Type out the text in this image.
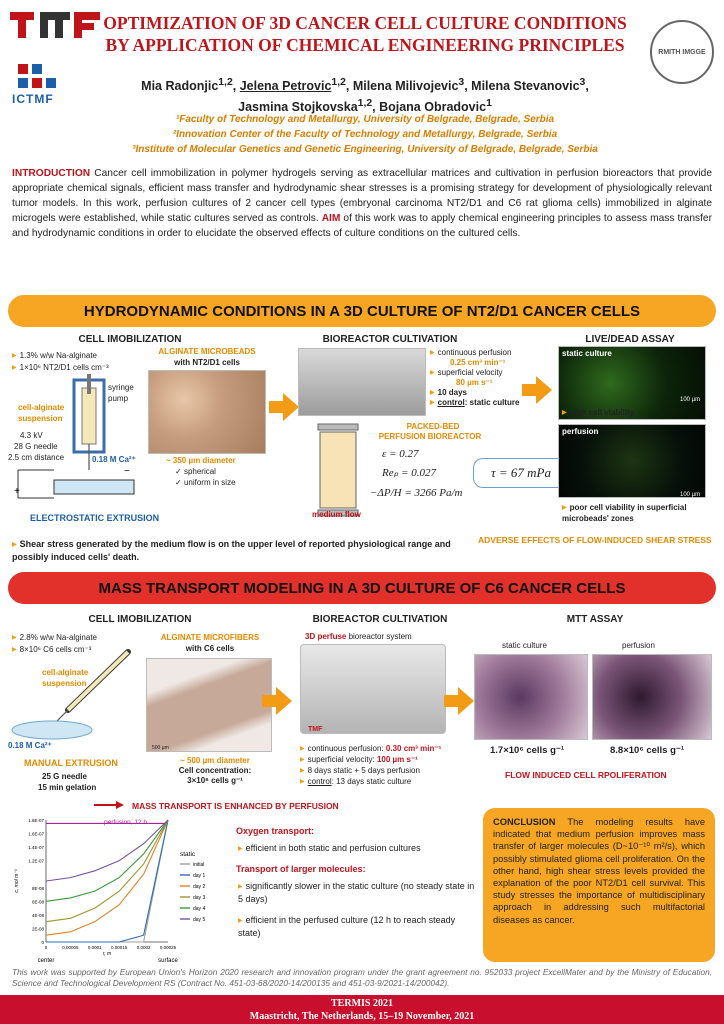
ICTMF
RMITH IMGGE
OPTIMIZATION OF 3D CANCER CELL CULTURE CONDITIONS
BY APPLICATION OF CHEMICAL ENGINEERING PRINCIPLES
Mia Radonjic$^{1,2}$, Jelena Petrovic$^{1,2}$, Milena Milivojevic$^3$, Milena Stevanovic$^3$,
Jasmina Stojkovska$^{1,2}$, Bojana Obradovic$^1$
¹Faculty of Technology and Metallurgy, University of Belgrade, Belgrade, Serbia
²Innovation Center of the Faculty of Technology and Metallurgy, Belgrade, Serbia
³Institute of Molecular Genetics and Genetic Engineering, University of Belgrade, Belgrade, Serbia
INTRODUCTION Cancer cell immobilization in polymer hydrogels serving as extracellular matrices and cultivation in perfusion bioreactors that provide appropriate chemical signals, efficient mass transfer and hydrodynamic shear stresses is a promising strategy for development of physiologically relevant tumor models. In this work, perfusion cultures of 2 cancer cell types (embryonal carcinoma NT2/D1 and C6 rat glioma cells) immobilized in alginate microgels were established, while static cultures served as controls. AIM of this work was to apply chemical engineering principles to assess mass transfer and hydrodynamic conditions in order to elucidate the observed effects of culture conditions on the cultured cells.
HYDRODYNAMIC CONDITIONS IN A 3D CULTURE OF NT2/D1 CANCER CELLS
CELL IMOBILIZATION
▶ 1.3% w/w Na-alginate
▶ 1×10⁶ NT2/D1 cells cm⁻³
+
−
syringe pump
cell-alginate suspension
4.3 kV
28 G needle
2.5 cm distance	0.18 M Ca²⁺
ELECTROSTATIC EXTRUSION
ALGINATE MICROBEADS
with NT2/D1 cells
~ 350 µm diameter
✓ spherical
✓ uniform in size
BIOREACTOR CULTIVATION
▶ continuous perfusion
0.25 cm³ min⁻¹
▶ superficial velocity
80 µm s⁻¹
▶ 10 days
▶ control: static culture
medium flow
PACKED-BED
PERFUSION BIOREACTOR
ε = 0.27
Reₚ = 0.027
−ΔP/H = 3266 Pa/m
τ = 67 mPa
LIVE/DEAD ASSAY
static culture
100 µm
▶ high cell viability
perfusion
100 µm
▶ poor cell viability in superficial microbeads' zones
▶ Shear stress generated by the medium flow is on the upper level of reported physiological range and possibly induced cells' death.
ADVERSE EFFECTS OF FLOW-INDUCED SHEAR STRESS
MASS TRANSPORT MODELING IN A 3D CULTURE OF C6 CANCER CELLS
CELL IMOBILIZATION
▶ 2.8% w/w Na-alginate
▶ 8×10⁶ C6 cells cm⁻³
cell-alginate suspension
0.18 M Ca²⁺
MANUAL EXTRUSION
25 G needle
15 min gelation
ALGINATE MICROFIBERS
with C6 cells
500 µm
~ 500 µm diameter
Cell concentration:
3×10⁶ cells g⁻¹
BIOREACTOR CULTIVATION
3D perfuse bioreactor system
TMF
▶ continuous perfusion: 0.30 cm³ min⁻¹
▶ superficial velocity: 100 µm s⁻¹
▶ 8 days static + 5 days perfusion
▶ control: 13 days static culture
MTT ASSAY
static culture	perfusion
1.7×10⁶ cells g⁻¹	8.8×10⁶ cells g⁻¹
FLOW INDUCED CELL RPOLIFERATION
MASS TRANSPORT IS ENHANCED BY PERFUSION
1.8E-07
1.6E-07
1.4E-07
1.2E-07
8E-08
6E-08
4E-08
2E-08
0
0	0.00005 0.0001 0.00015 0.0002 0.00025
r, m
c, mol m⁻³
center	surface
perfusion, 12 h
static
initial
day 1
day 2
day 3
day 4
day 5
Oxygen transport:
▶ efficient in both static and perfusion cultures
Transport of larger molecules:
▶ significantly slower in the static culture (no steady state in 5 days)
▶ efficient in the perfused culture (12 h to reach steady state)
CONCLUSION The modeling results have indicated that medium perfusion improves mass transfer of larger molecules (D~10⁻¹⁰ m²/s), which possibly stimulated glioma cell proliferation. On the other hand, high shear stress levels provided the explanation of the poor NT2/D1 cell survival. This study stresses the importance of multidisciplinary approach in addressing such multifactorial diseases as cancer.
This work was supported by European Union's Horizon 2020 research and innovation program under the grant agreement no. 952033 project ExcellMater and by the Ministry of Education, Science and Technological Development RS (Contract No. 451-03-68/2020-14/200135 and 451-03-9/2021-14/200042).
TERMIS 2021
Maastricht, The Netherlands, 15–19 November, 2021
